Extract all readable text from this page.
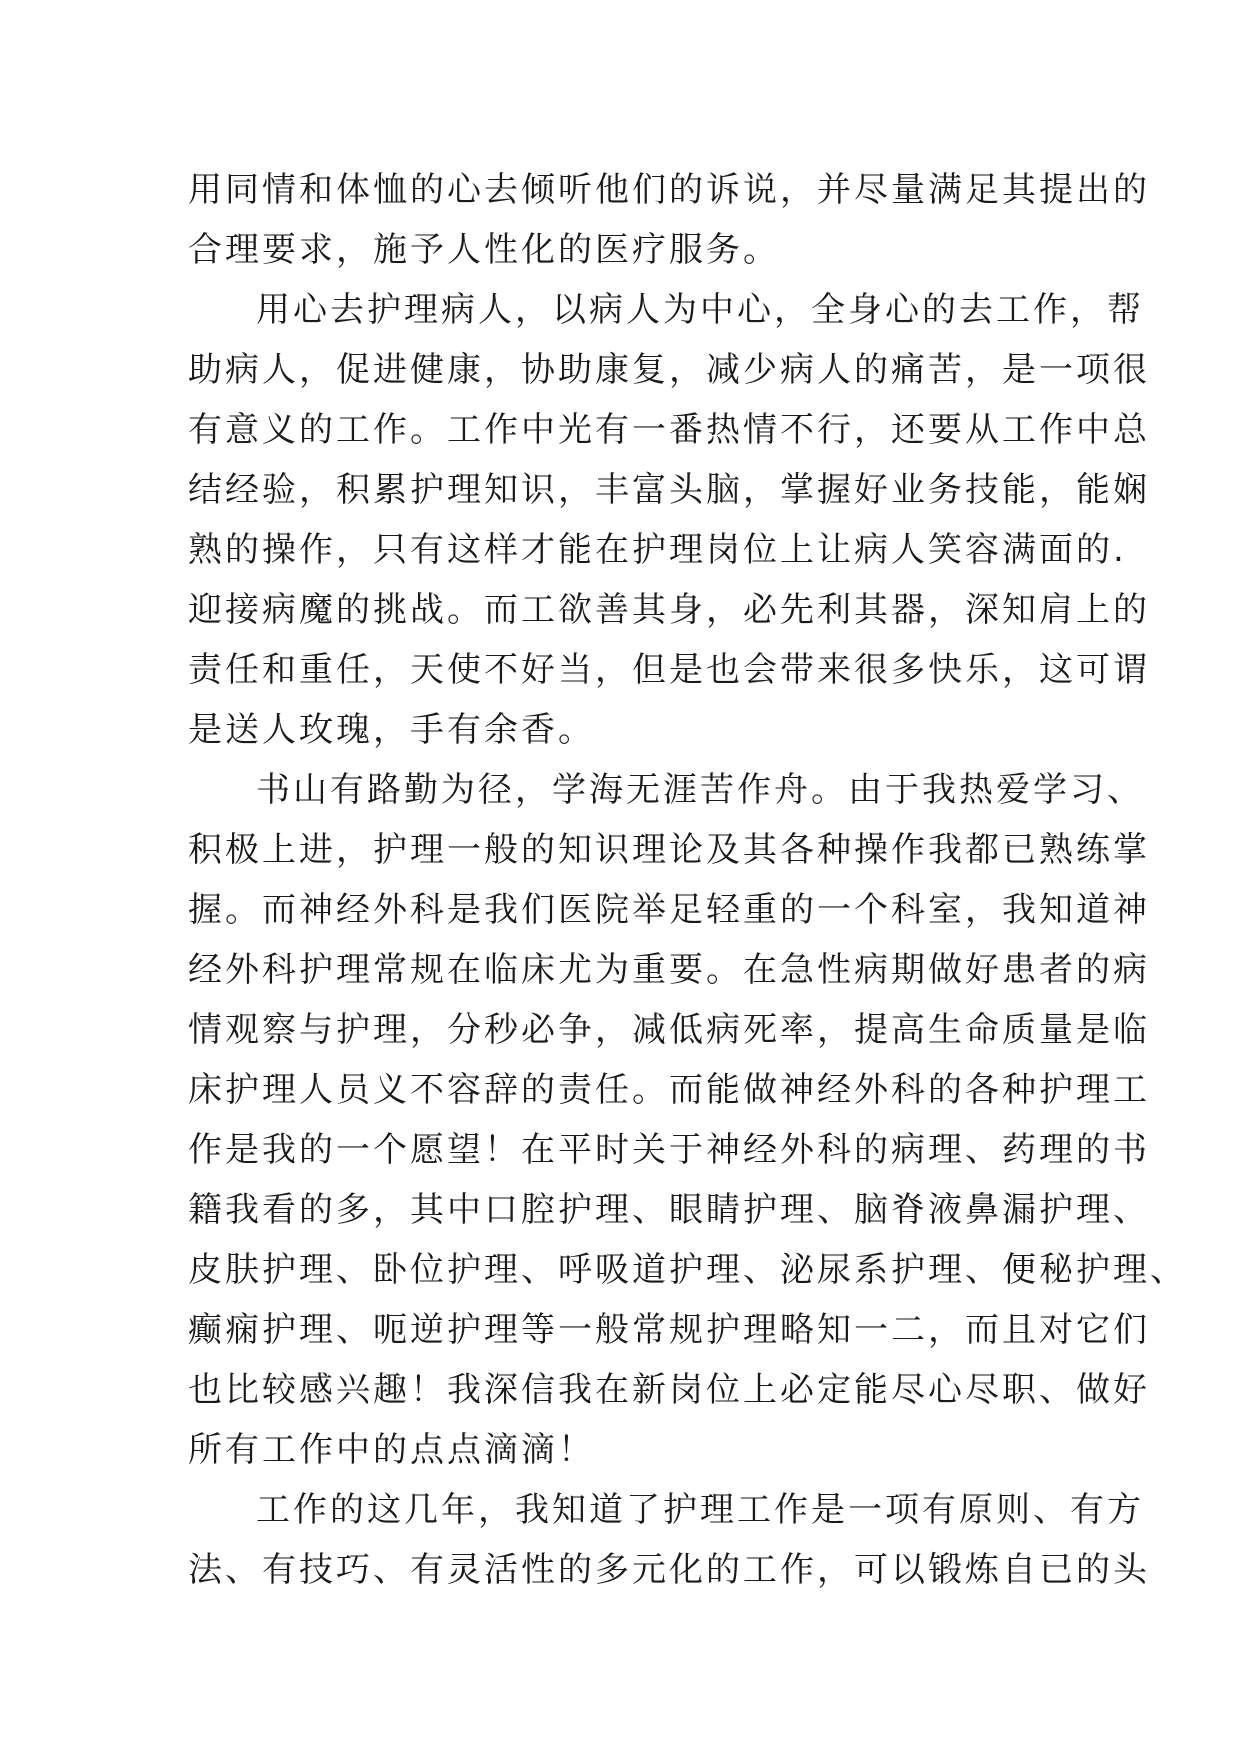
用同情和体恤的心去倾听他们的诉说，并尽量满足其提出的
合理要求，施予人性化的医疗服务。
用心去护理病人，以病人为中心，全身心的去工作，帮
助病人，促进健康，协助康复，减少病人的痛苦，是一项很
有意义的工作。工作中光有一番热情不行，还要从工作中总
结经验，积累护理知识，丰富头脑，掌握好业务技能，能娴
熟的操作，只有这样才能在护理岗位上让病人笑容满面的.
迎接病魔的挑战。而工欲善其身，必先利其器，深知肩上的
责任和重任，天使不好当，但是也会带来很多快乐，这可谓
是送人玫瑰，手有余香。
书山有路勤为径，学海无涯苦作舟。由于我热爱学习、
积极上进，护理一般的知识理论及其各种操作我都已熟练掌
握。而神经外科是我们医院举足轻重的一个科室，我知道神
经外科护理常规在临床尤为重要。在急性病期做好患者的病
情观察与护理，分秒必争，减低病死率，提高生命质量是临
床护理人员义不容辞的责任。而能做神经外科的各种护理工
作是我的一个愿望！在平时关于神经外科的病理、药理的书
籍我看的多，其中口腔护理、眼睛护理、脑脊液鼻漏护理、
皮肤护理、卧位护理、呼吸道护理、泌尿系护理、便秘护理、
癫痫护理、呃逆护理等一般常规护理略知一二，而且对它们
也比较感兴趣！我深信我在新岗位上必定能尽心尽职、做好
所有工作中的点点滴滴！
工作的这几年，我知道了护理工作是一项有原则、有方
法、有技巧、有灵活性的多元化的工作，可以锻炼自已的头
